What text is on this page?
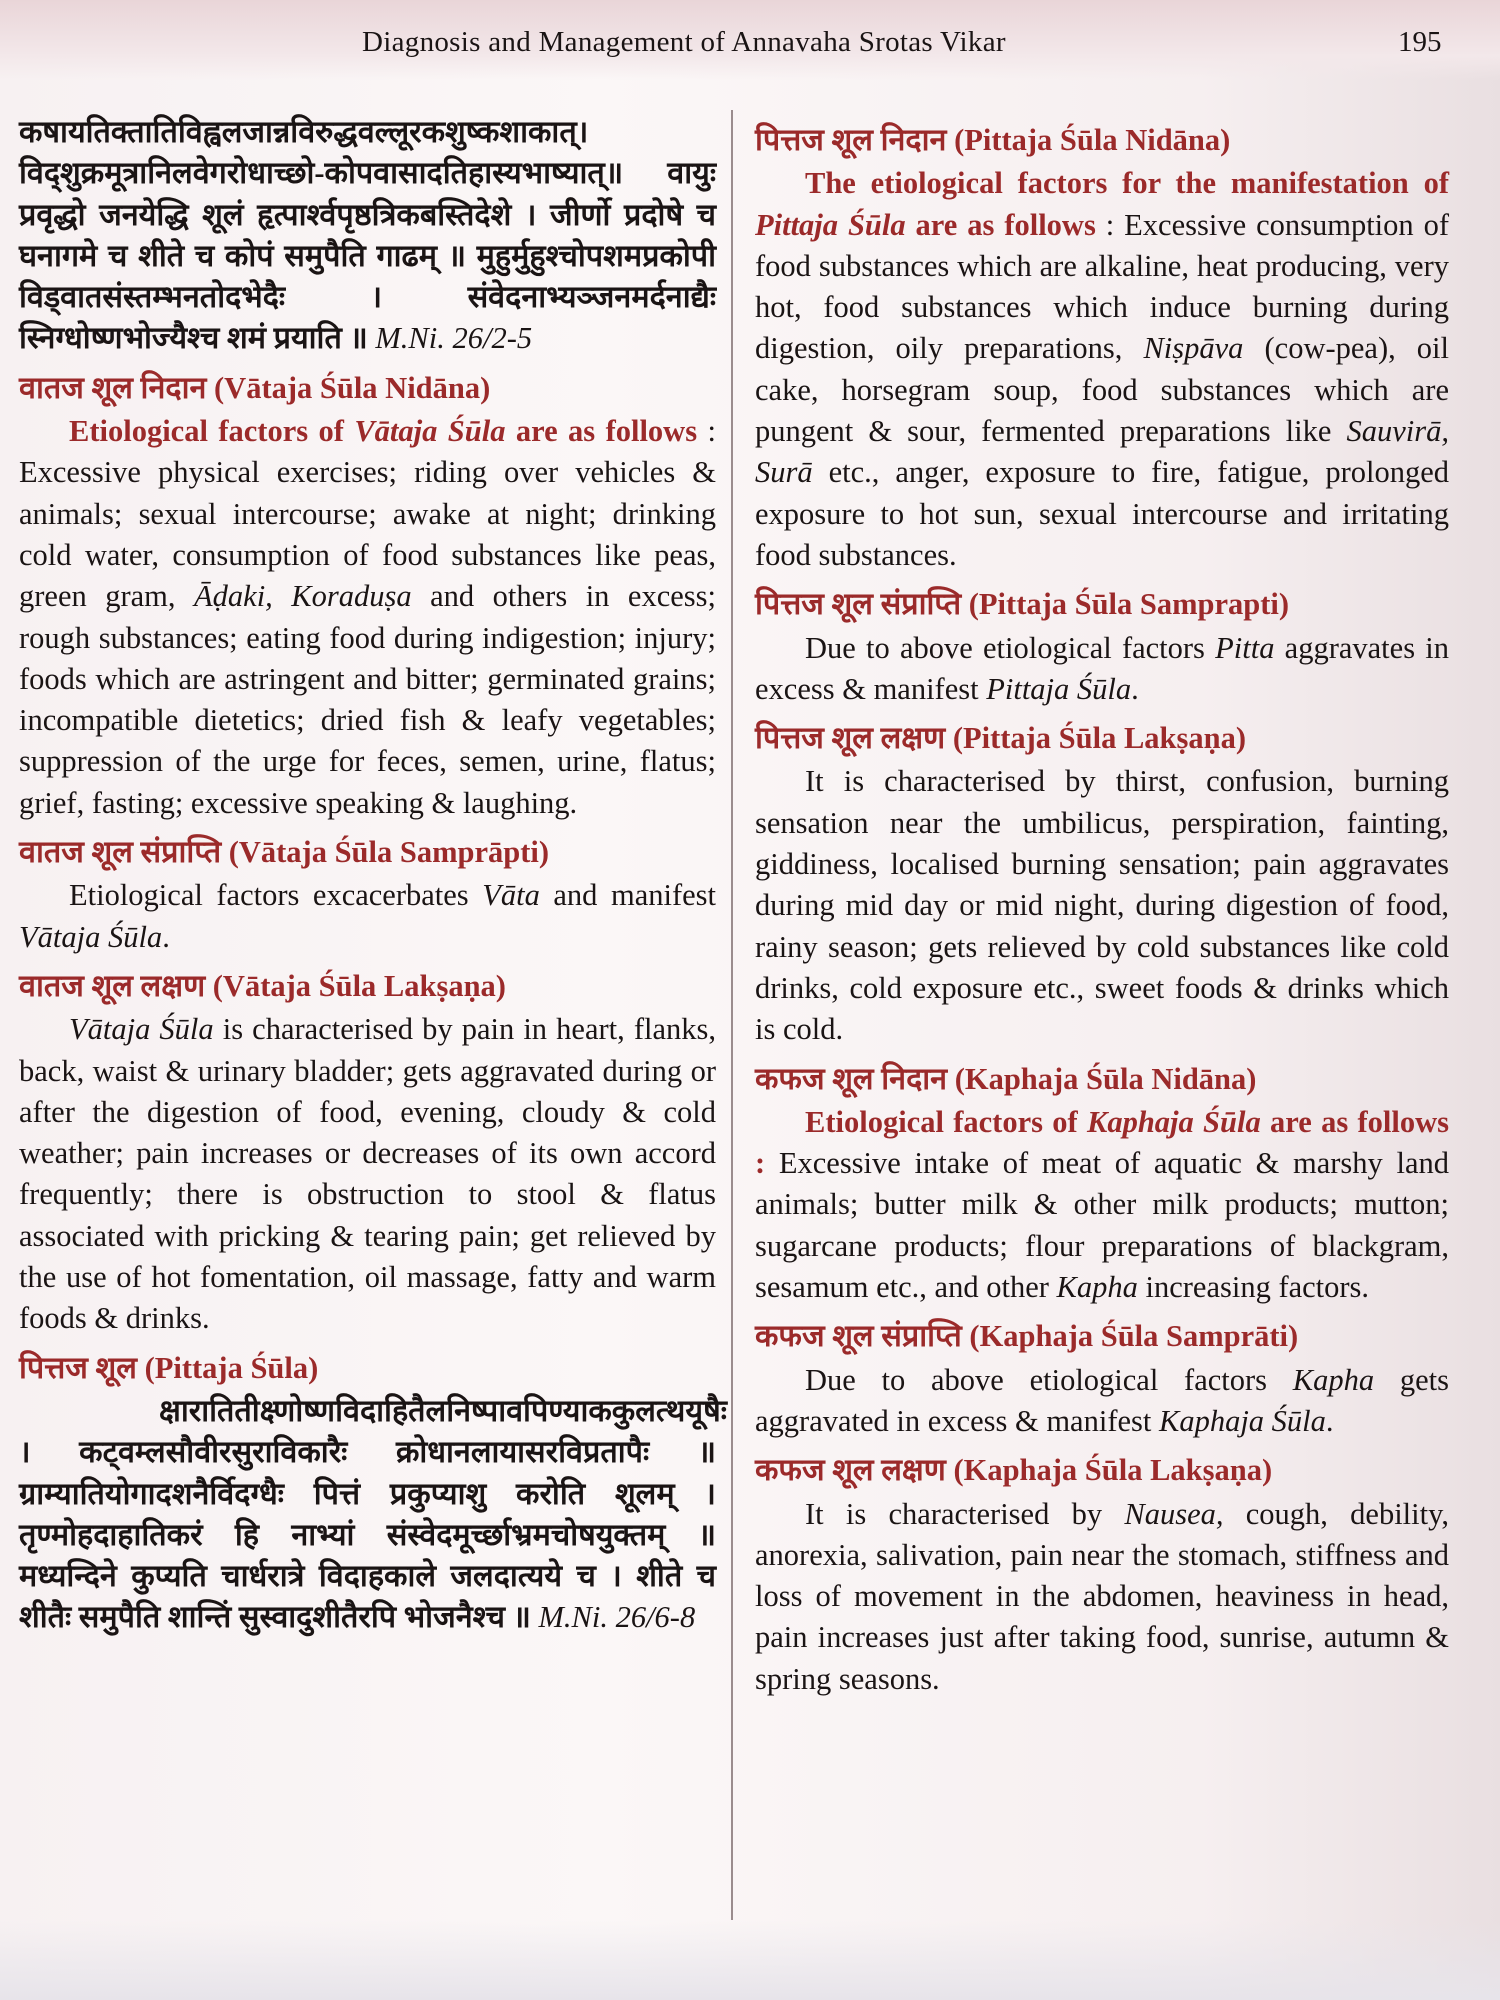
Diagnosis and Management of Annavaha Srotas Vikar	195

कषायतिक्तातिविह्वलजान्नविरुद्धवल्लूरकशुष्कशाकात्। विद्शुक्रमूत्रानिलवेगरोधाच्छो-कोपवासादतिहास्यभाष्यात्॥ वायुः प्रवृद्धो जनयेद्धि शूलं हृत्पार्श्वपृष्ठत्रिकबस्तिदेशे । जीर्णो प्रदोषे च घनागमे च शीते च कोपं समुपैति गाढम् ॥ मुहुर्मुहुश्चोपशमप्रकोपी विड्वातसंस्तम्भनतोदभेदैः । संवेदनाभ्यञ्जनमर्दनाद्यैः स्निग्धोष्णभोज्यैश्च शमं प्रयाति ॥ M.Ni. 26/2-5

वातज शूल निदान (Vātaja Śūla Nidāna)

Etiological factors of Vātaja Śūla are as follows : Excessive physical exercises; riding over vehicles & animals; sexual intercourse; awake at night; drinking cold water, consumption of food substances like peas, green gram, Āḍaki, Koraduṣa and others in excess; rough substances; eating food during indigestion; injury; foods which are astringent and bitter; germinated grains; incompatible dietetics; dried fish & leafy vegetables; suppression of the urge for feces, semen, urine, flatus; grief, fasting; excessive speaking & laughing.

वातज शूल संप्राप्ति (Vātaja Śūla Samprāpti)

Etiological factors excacerbates Vāta and manifest Vātaja Śūla.

वातज शूल लक्षण (Vātaja Śūla Lakṣaṇa)

Vātaja Śūla is characterised by pain in heart, flanks, back, waist & urinary bladder; gets aggravated during or after the digestion of food, evening, cloudy & cold weather; pain increases or decreases of its own accord frequently; there is obstruction to stool & flatus associated with pricking & tearing pain; get relieved by the use of hot fomentation, oil massage, fatty and warm foods & drinks.

पित्तज शूल (Pittaja Śūla)

क्षारातितीक्ष्णोष्णविदाहितैलनिष्पावपिण्याककुलत्थयूषैः । कट्वम्लसौवीरसुराविकारैः क्रोधानलायासरविप्रतापैः ॥ ग्राम्यातियोगादशनैर्विदग्धैः पित्तं प्रकुप्याशु करोति शूलम् । तृण्मोहदाहातिकरं हि नाभ्यां संस्वेदमूर्च्छाभ्रमचोषयुक्तम् ॥ मध्यन्दिने कुप्यति चार्धरात्रे विदाहकाले जलदात्यये च । शीते च शीतैः समुपैति शान्तिं सुस्वादुशीतैरपि भोजनैश्च ॥ M.Ni. 26/6-8

पित्तज शूल निदान (Pittaja Śūla Nidāna)

The etiological factors for the manifestation of Pittaja Śūla are as follows : Excessive consumption of food substances which are alkaline, heat producing, very hot, food substances which induce burning during digestion, oily preparations, Niṣpāva (cow-pea), oil cake, horsegram soup, food substances which are pungent & sour, fermented preparations like Sauvirā, Surā etc., anger, exposure to fire, fatigue, prolonged exposure to hot sun, sexual intercourse and irritating food substances.

पित्तज शूल संप्राप्ति (Pittaja Śūla Samprapti)

Due to above etiological factors Pitta aggravates in excess & manifest Pittaja Śūla.

पित्तज शूल लक्षण (Pittaja Śūla Lakṣaṇa)

It is characterised by thirst, confusion, burning sensation near the umbilicus, perspiration, fainting, giddiness, localised burning sensation; pain aggravates during mid day or mid night, during digestion of food, rainy season; gets relieved by cold substances like cold drinks, cold exposure etc., sweet foods & drinks which is cold.

कफज शूल निदान (Kaphaja Śūla Nidāna)

Etiological factors of Kaphaja Śūla are as follows : Excessive intake of meat of aquatic & marshy land animals; butter milk & other milk products; mutton; sugarcane products; flour preparations of blackgram, sesamum etc., and other Kapha increasing factors.

कफज शूल संप्राप्ति (Kaphaja Śūla Samprāti)

Due to above etiological factors Kapha gets aggravated in excess & manifest Kaphaja Śūla.

कफज शूल लक्षण (Kaphaja Śūla Lakṣaṇa)

It is characterised by Nausea, cough, debility, anorexia, salivation, pain near the stomach, stiffness and loss of movement in the abdomen, heaviness in head, pain increases just after taking food, sunrise, autumn & spring seasons.
